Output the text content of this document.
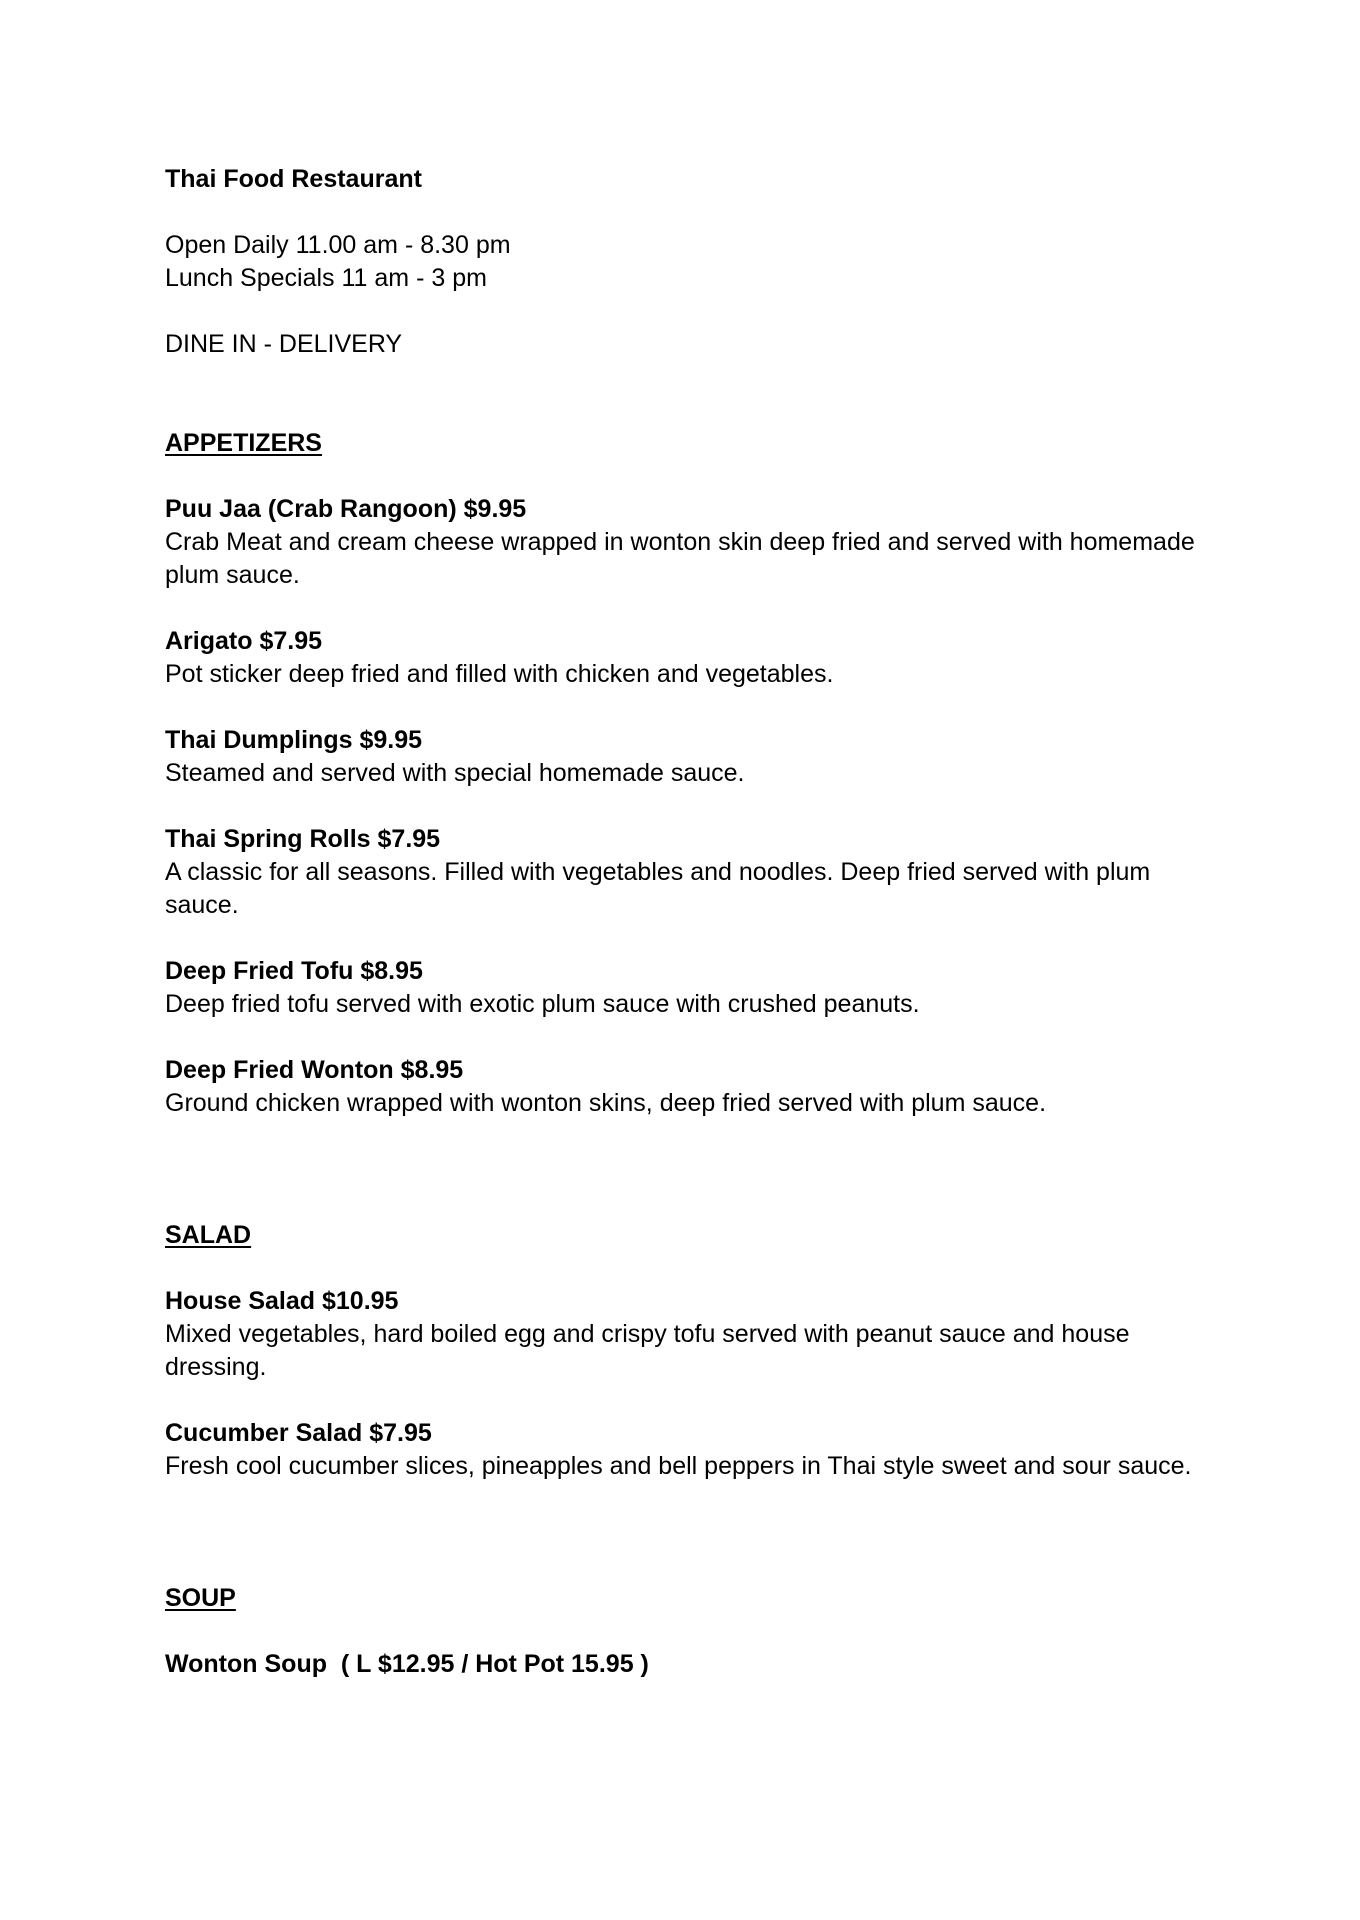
Thai Food Restaurant

Open Daily 11.00 am - 8.30 pm

Lunch Specials 11 am - 3 pm

DINE IN - DELIVERY

APPETIZERS

Puu Jaa (Crab Rangoon) $9.95
Crab Meat and cream cheese wrapped in wonton skin deep fried and served with homemade plum sauce.
Arigato $7.95
Pot sticker deep fried and filled with chicken and vegetables.
Thai Dumplings $9.95
Steamed and served with special homemade sauce.
Thai Spring Rolls $7.95
A classic for all seasons. Filled with vegetables and noodles. Deep fried served with plum sauce.
Deep Fried Tofu $8.95
Deep fried tofu served with exotic plum sauce with crushed peanuts.
Deep Fried Wonton $8.95
Ground chicken wrapped with wonton skins, deep fried served with plum sauce.

SALAD

House Salad $10.95
Mixed vegetables, hard boiled egg and crispy tofu served with peanut sauce and house dressing.
Cucumber Salad $7.95
Fresh cool cucumber slices, pineapples and bell peppers in Thai style sweet and sour sauce.

SOUP

Wonton Soup  ( L $12.95 / Hot Pot 15.95 )
